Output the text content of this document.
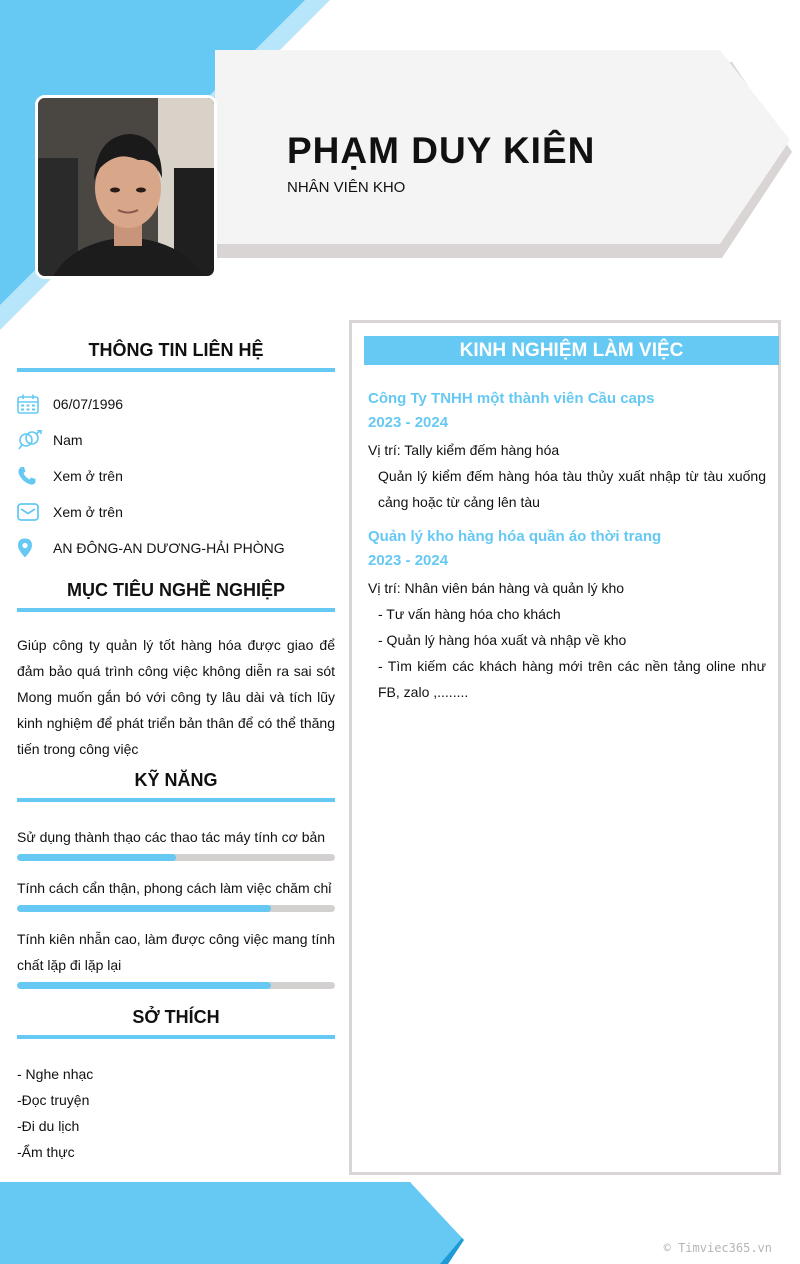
PHẠM DUY KIÊN
NHÂN VIÊN KHO
THÔNG TIN LIÊN HỆ
06/07/1996
Nam
Xem ở trên
Xem ở trên
AN ĐÔNG-AN DƯƠNG-HẢI PHÒNG
MỤC TIÊU NGHỀ NGHIỆP

Giúp công ty quản lý tốt hàng hóa được giao để đảm bảo quá trình công việc không diễn ra sai sót Mong muốn gắn bó với công ty lâu dài và tích lũy kinh nghiệm để phát triển bản thân để có thể thăng tiến trong công việc

KỸ NĂNG

Sử dụng thành thạo các thao tác máy tính cơ bản

Tính cách cẩn thận, phong cách làm việc chăm chỉ

Tính kiên nhẫn cao, làm được công việc mang tính chất lặp đi lặp lại

SỞ THÍCH

- Nghe nhạc

-Đọc truyện

-Đi du lịch

-Ẩm thực

KINH NGHIỆM LÀM VIỆC

Công Ty TNHH một thành viên Cầu caps

2023 - 2024

Vị trí: Tally kiểm đếm hàng hóa

Quản lý kiểm đếm hàng hóa tàu thủy xuất nhập từ tàu xuống cảng hoặc từ cảng lên tàu

Quản lý kho hàng hóa quần áo thời trang

2023 - 2024

Vị trí: Nhân viên bán hàng và quản lý kho

- Tư vấn hàng hóa cho khách

- Quản lý hàng hóa xuất và nhập về kho

- Tìm kiếm các khách hàng mới trên các nền tảng oline như FB, zalo ,........

© Timviec365.vn
